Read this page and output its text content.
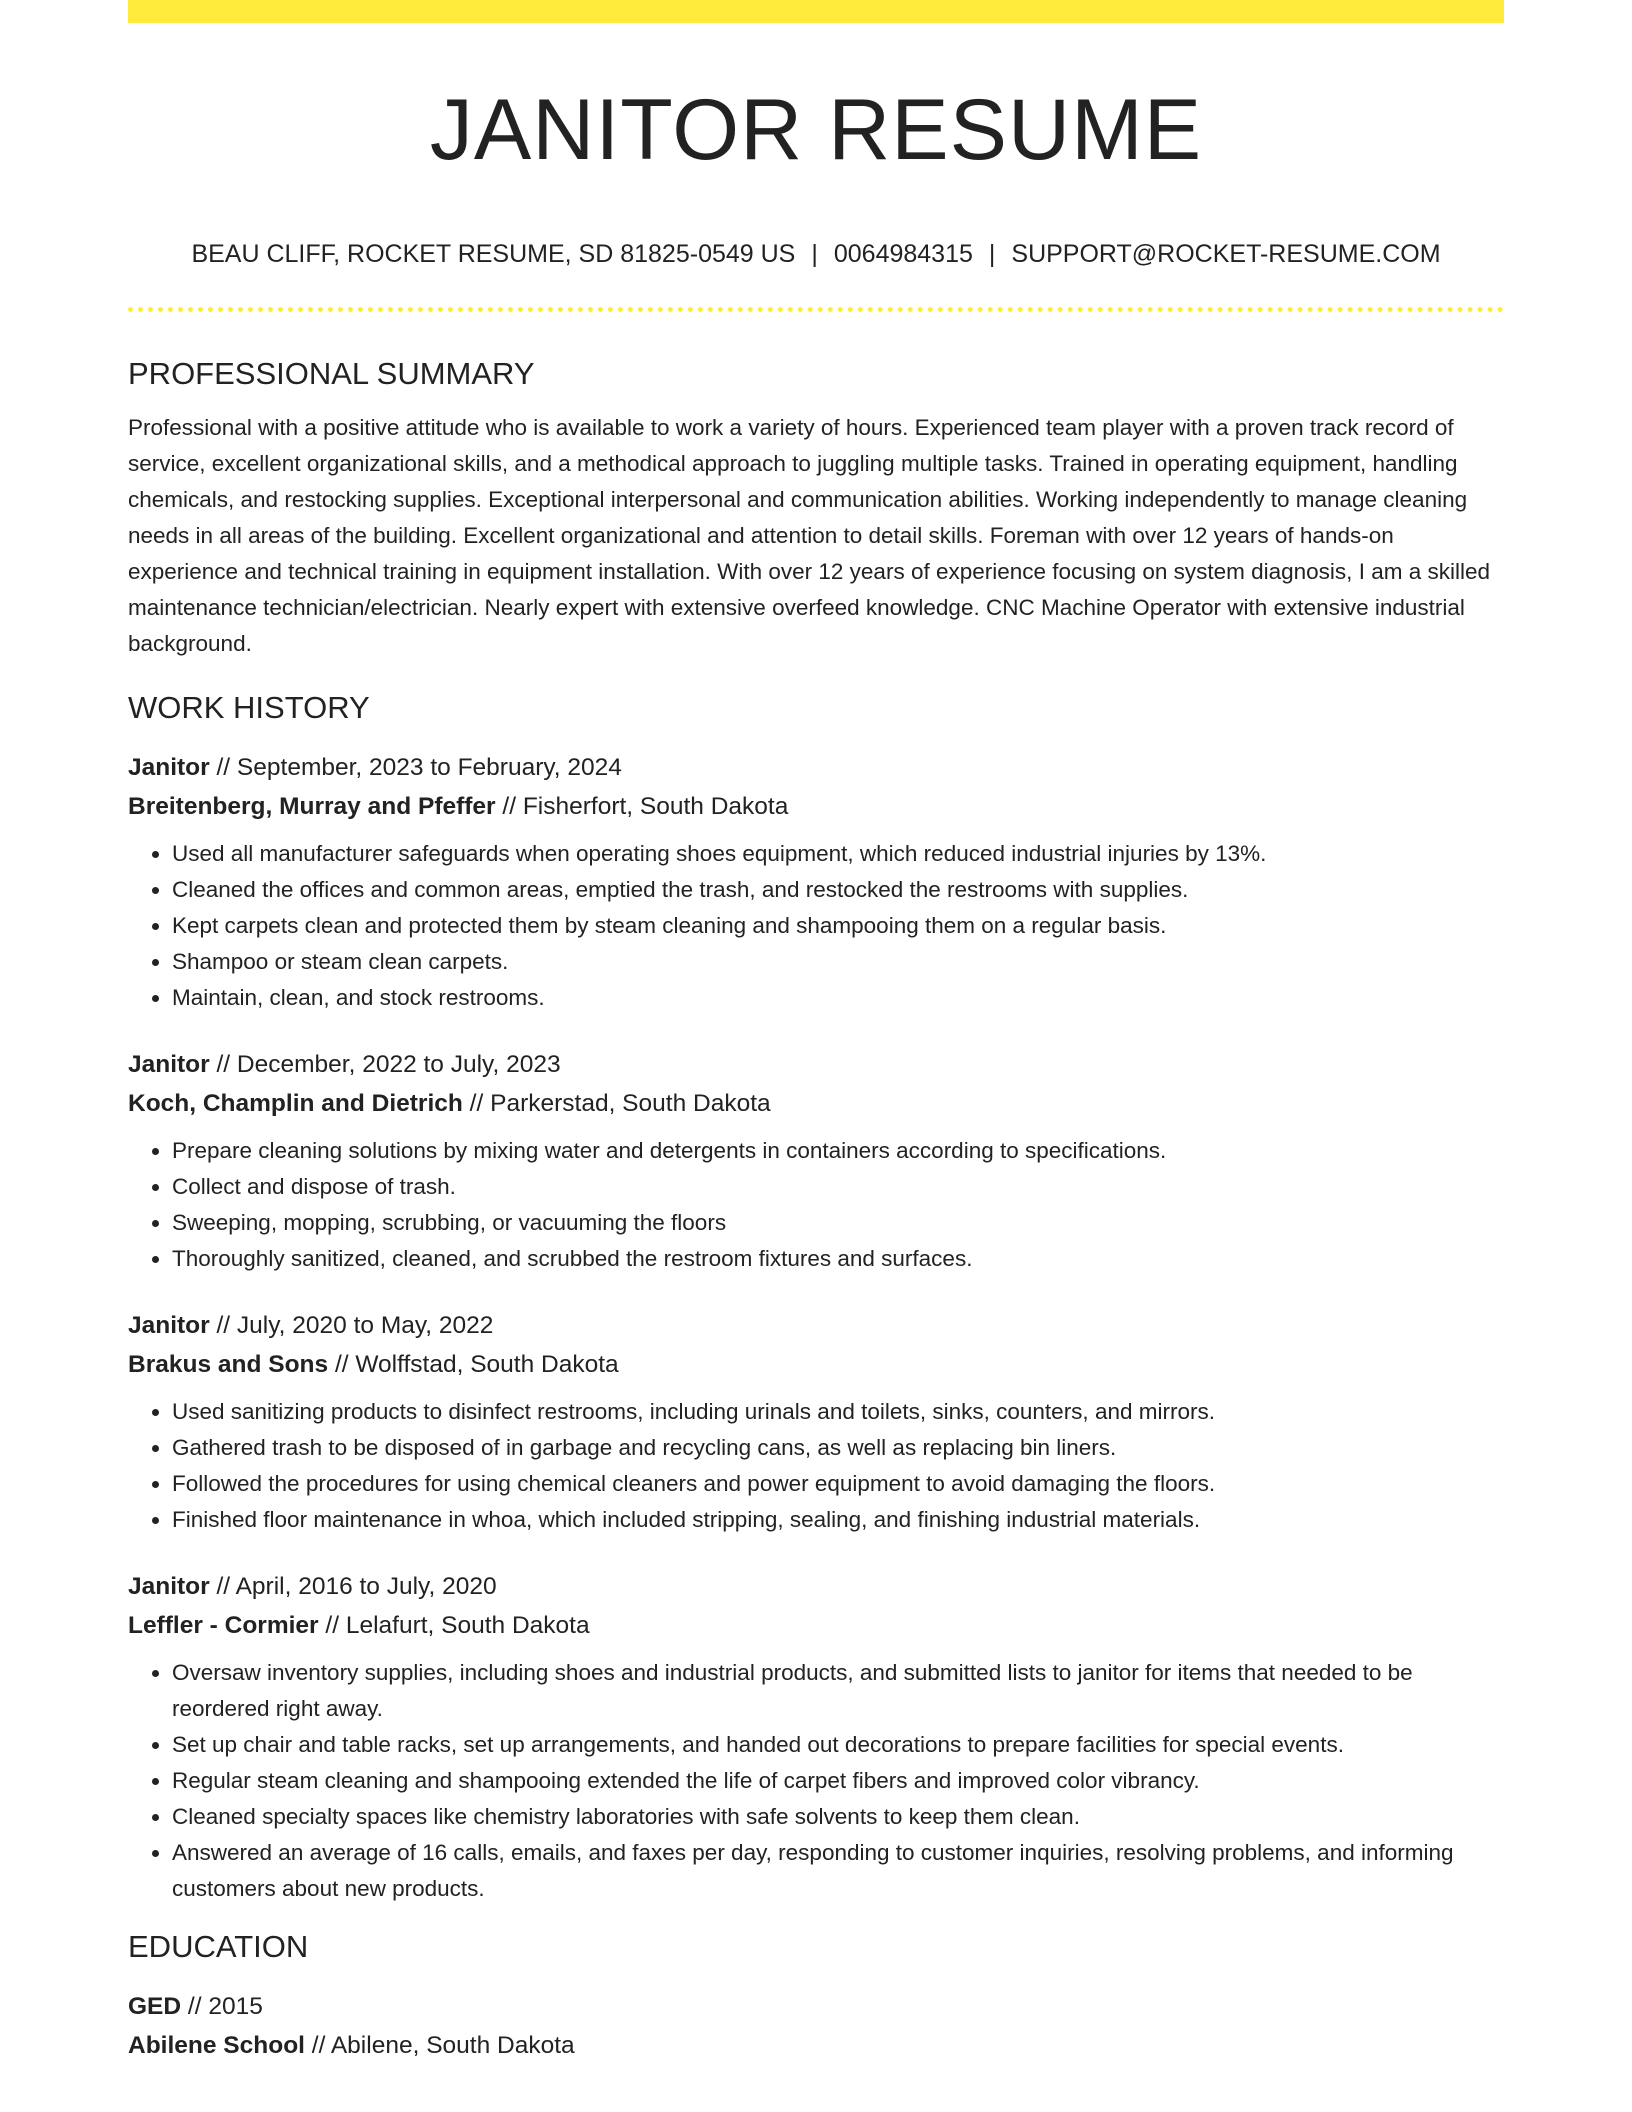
JANITOR RESUME
BEAU CLIFF, ROCKET RESUME, SD 81825-0549 US | 0064984315 | SUPPORT@ROCKET-RESUME.COM
PROFESSIONAL SUMMARY

Professional with a positive attitude who is available to work a variety of hours. Experienced team player with a proven track record of service, excellent organizational skills, and a methodical approach to juggling multiple tasks. Trained in operating equipment, handling chemicals, and restocking supplies. Exceptional interpersonal and communication abilities. Working independently to manage cleaning needs in all areas of the building. Excellent organizational and attention to detail skills. Foreman with over 12 years of hands-on experience and technical training in equipment installation. With over 12 years of experience focusing on system diagnosis, I am a skilled maintenance technician/electrician. Nearly expert with extensive overfeed knowledge. CNC Machine Operator with extensive industrial background.

WORK HISTORY
Janitor // September, 2023 to February, 2024
Breitenberg, Murray and Pfeffer // Fisherfort, South Dakota
• Used all manufacturer safeguards when operating shoes equipment, which reduced industrial injuries by 13%.
• Cleaned the offices and common areas, emptied the trash, and restocked the restrooms with supplies.
• Kept carpets clean and protected them by steam cleaning and shampooing them on a regular basis.
• Shampoo or steam clean carpets.
• Maintain, clean, and stock restrooms.
Janitor // December, 2022 to July, 2023
Koch, Champlin and Dietrich // Parkerstad, South Dakota
• Prepare cleaning solutions by mixing water and detergents in containers according to specifications.
• Collect and dispose of trash.
• Sweeping, mopping, scrubbing, or vacuuming the floors
• Thoroughly sanitized, cleaned, and scrubbed the restroom fixtures and surfaces.
Janitor // July, 2020 to May, 2022
Brakus and Sons // Wolffstad, South Dakota
• Used sanitizing products to disinfect restrooms, including urinals and toilets, sinks, counters, and mirrors.
• Gathered trash to be disposed of in garbage and recycling cans, as well as replacing bin liners.
• Followed the procedures for using chemical cleaners and power equipment to avoid damaging the floors.
• Finished floor maintenance in whoa, which included stripping, sealing, and finishing industrial materials.
Janitor // April, 2016 to July, 2020
Leffler - Cormier // Lelafurt, South Dakota
• Oversaw inventory supplies, including shoes and industrial products, and submitted lists to janitor for items that needed to be reordered right away.
• Set up chair and table racks, set up arrangements, and handed out decorations to prepare facilities for special events.
• Regular steam cleaning and shampooing extended the life of carpet fibers and improved color vibrancy.
• Cleaned specialty spaces like chemistry laboratories with safe solvents to keep them clean.
• Answered an average of 16 calls, emails, and faxes per day, responding to customer inquiries, resolving problems, and informing customers about new products.
EDUCATION
GED // 2015
Abilene School // Abilene, South Dakota
